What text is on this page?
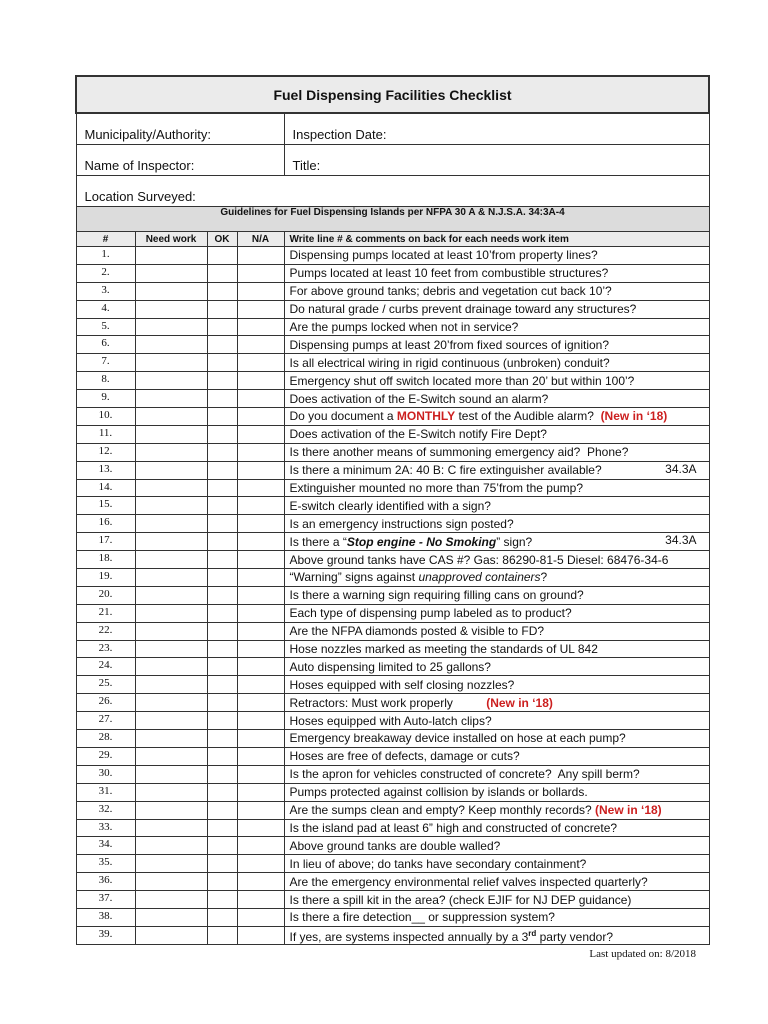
Fuel Dispensing Facilities Checklist				
Municipality/Authority:				Inspection Date:
Name of Inspector:				Title:
Location Surveyed:				
Guidelines for Fuel Dispensing Islands per NFPA 30 A & N.J.S.A. 34:3A-4				
#	Need work	OK	N/A	Write line # & comments on back for each needs work item
1.				Dispensing pumps located at least 10’from property lines?
2.				Pumps located at least 10 feet from combustible structures?
3.				For above ground tanks; debris and vegetation cut back 10’?
4.				Do natural grade / curbs prevent drainage toward any structures?
5.				Are the pumps locked when not in service?
6.				Dispensing pumps at least 20’from fixed sources of ignition?
7.				Is all electrical wiring in rigid continuous (unbroken) conduit?
8.				Emergency shut off switch located more than 20’ but within 100’?
9.				Does activation of the E-Switch sound an alarm?
10.				Do you document a MONTHLY test of the Audible alarm?  (New in ‘18)
11.				Does activation of the E-Switch notify Fire Dept?
12.				Is there another means of summoning emergency aid?  Phone?
13.				Is there a minimum 2A: 40 B: C fire extinguisher available? 34.3A

14.				Extinguisher mounted no more than 75’from the pump?
15.				E-switch clearly identified with a sign?
16.				Is an emergency instructions sign posted?
17.				Is there a “Stop engine - No Smoking” sign? 34.3A

18.				Above ground tanks have CAS #? Gas: 86290-81-5 Diesel: 68476-34-6
19.				“Warning” signs against unapproved containers?
20.				Is there a warning sign requiring filling cans on ground?
21.				Each type of dispensing pump labeled as to product?
22.				Are the NFPA diamonds posted & visible to FD?
23.				Hose nozzles marked as meeting the standards of UL 842
24.				Auto dispensing limited to 25 gallons?
25.				Hoses equipped with self closing nozzles?
26.				Retractors: Must work properly          (New in ‘18)
27.				Hoses equipped with Auto-latch clips?
28.				Emergency breakaway device installed on hose at each pump?
29.				Hoses are free of defects, damage or cuts?
30.				Is the apron for vehicles constructed of concrete?  Any spill berm?
31.				Pumps protected against collision by islands or bollards.
32.				Are the sumps clean and empty? Keep monthly records? (New in ‘18)
33.				Is the island pad at least 6” high and constructed of concrete?
34.				Above ground tanks are double walled?
35.				In lieu of above; do tanks have secondary containment?
36.				Are the emergency environmental relief valves inspected quarterly?
37.				Is there a spill kit in the area? (check EJIF for NJ DEP guidance)
38.				Is there a fire detection__ or suppression system?
39.				If yes, are systems inspected annually by a 3rd party vendor?
Last updated on: 8/2018
